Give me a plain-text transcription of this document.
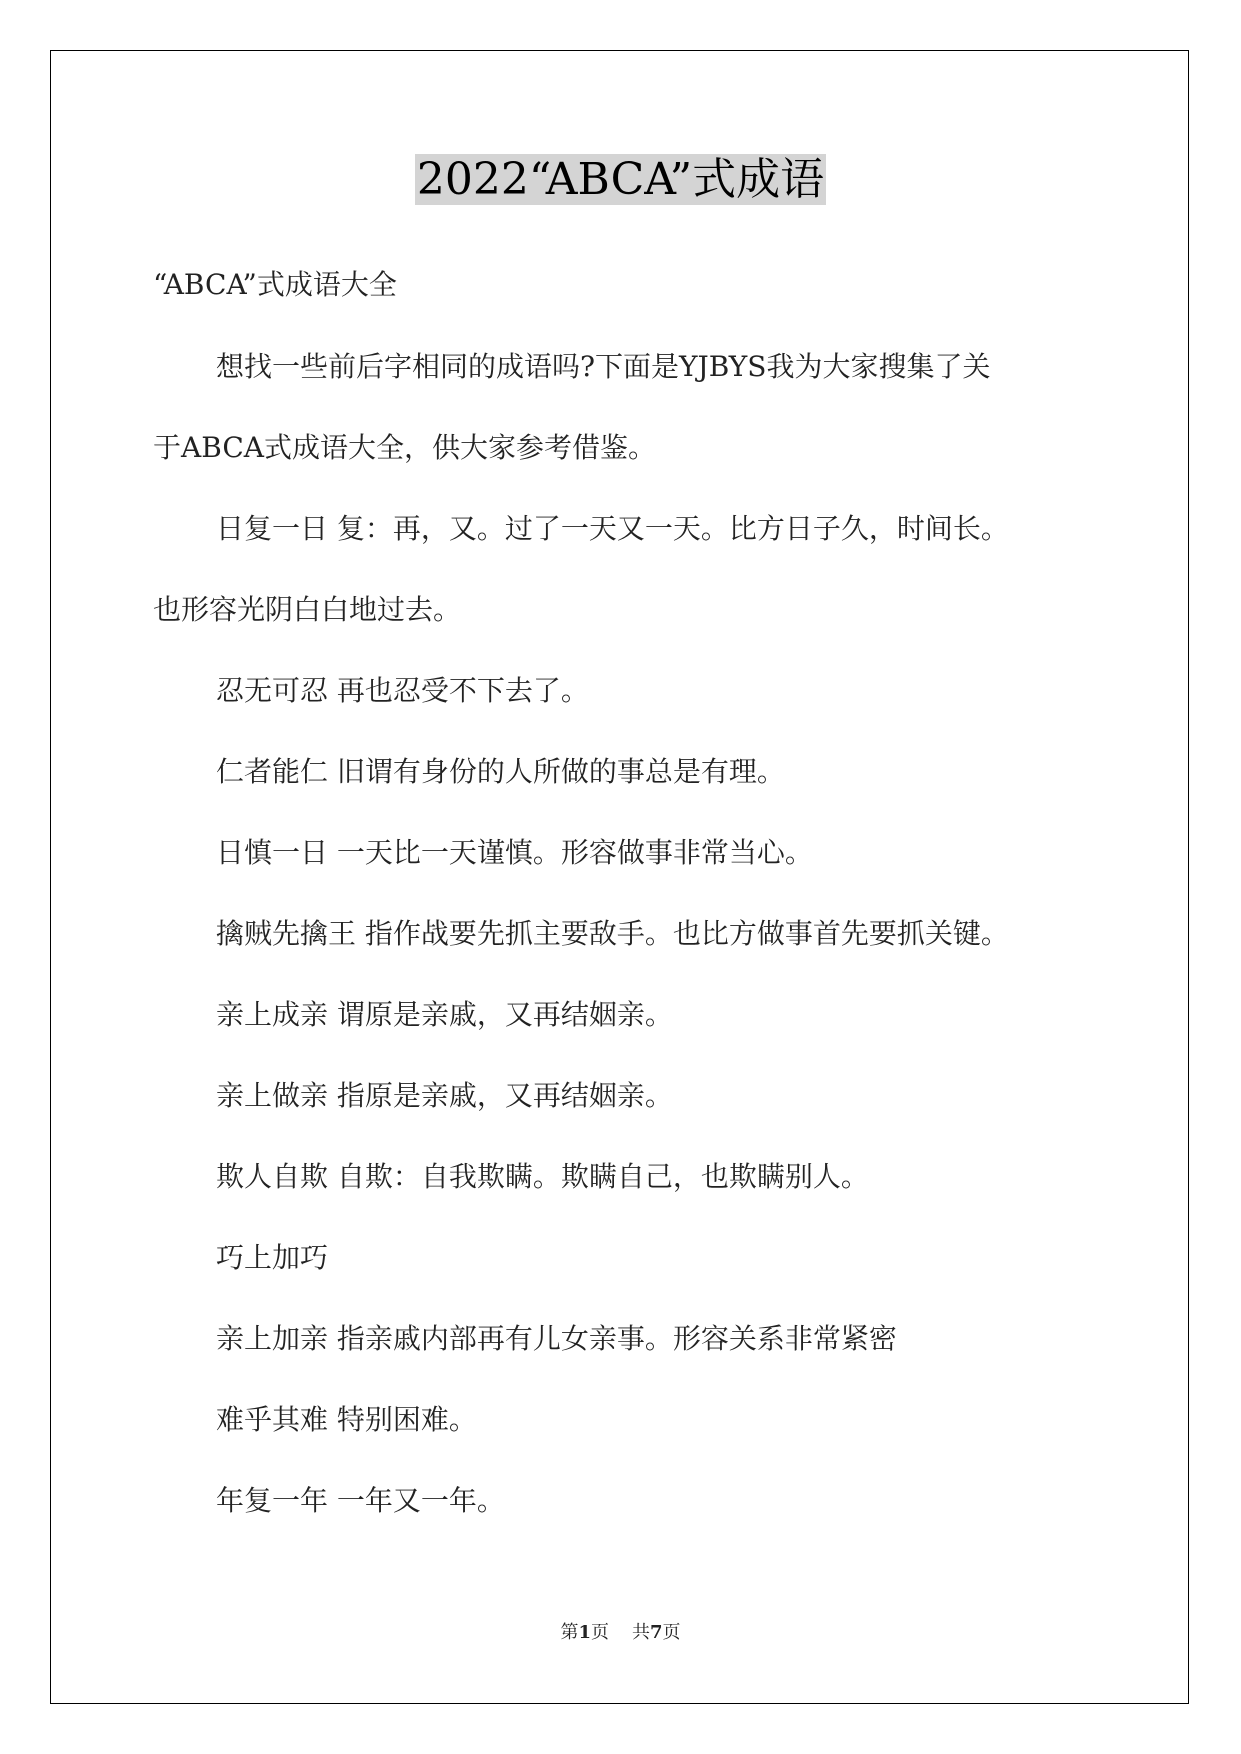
2022“ABCA”式成语
“ABCA”式成语大全
想找一些前后字相同的成语吗?下面是YJBYS我为大家搜集了关
于ABCA式成语大全，供大家参考借鉴。
日复一日 复：再，又。过了一天又一天。比方日子久，时间长。
也形容光阴白白地过去。
忍无可忍 再也忍受不下去了。
仁者能仁 旧谓有身份的人所做的事总是有理。
日慎一日 一天比一天谨慎。形容做事非常当心。
擒贼先擒王 指作战要先抓主要敌手。也比方做事首先要抓关键。
亲上成亲 谓原是亲戚，又再结姻亲。
亲上做亲 指原是亲戚，又再结姻亲。
欺人自欺 自欺：自我欺瞒。欺瞒自己，也欺瞒别人。
巧上加巧
亲上加亲 指亲戚内部再有儿女亲事。形容关系非常紧密
难乎其难 特别困难。
年复一年 一年又一年。
第1页 共7页
